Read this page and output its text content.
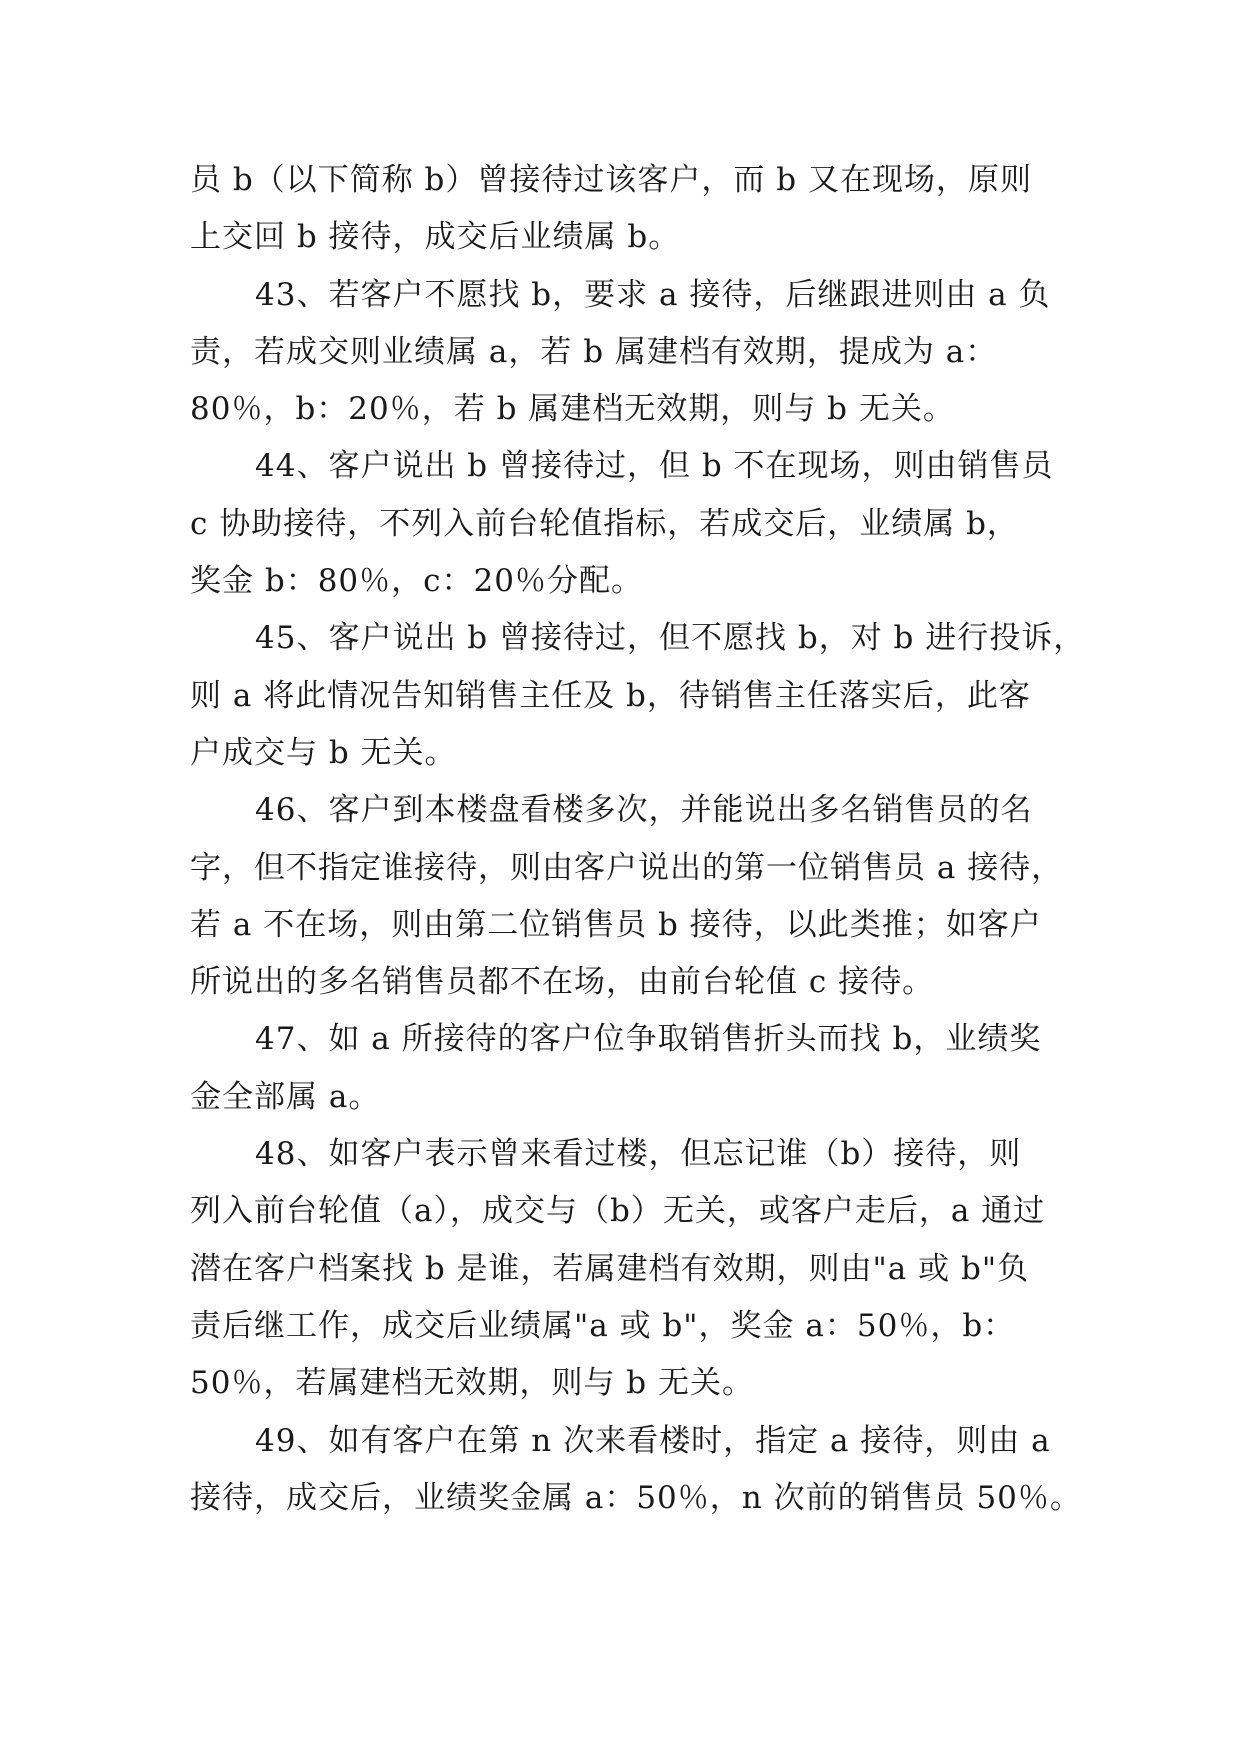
员 b（以下简称 b）曾接待过该客户，而 b 又在现场，原则
上交回 b 接待，成交后业绩属 b。
43、若客户不愿找 b，要求 a 接待，后继跟进则由 a 负
责，若成交则业绩属 a，若 b 属建档有效期，提成为 a：
80％，b：20％，若 b 属建档无效期，则与 b 无关。
44、客户说出 b 曾接待过，但 b 不在现场，则由销售员
c 协助接待，不列入前台轮值指标，若成交后，业绩属 b，
奖金 b：80％，c：20％分配。
45、客户说出 b 曾接待过，但不愿找 b，对 b 进行投诉，
则 a 将此情况告知销售主任及 b，待销售主任落实后，此客
户成交与 b 无关。
46、客户到本楼盘看楼多次，并能说出多名销售员的名
字，但不指定谁接待，则由客户说出的第一位销售员 a 接待，
若 a 不在场，则由第二位销售员 b 接待，以此类推；如客户
所说出的多名销售员都不在场，由前台轮值 c 接待。
47、如 a 所接待的客户位争取销售折头而找 b，业绩奖
金全部属 a。
48、如客户表示曾来看过楼，但忘记谁（b）接待，则
列入前台轮值（a），成交与（b）无关，或客户走后，a 通过
潜在客户档案找 b 是谁，若属建档有效期，则由"a 或 b"负
责后继工作，成交后业绩属"a 或 b"，奖金 a：50％，b：
50％，若属建档无效期，则与 b 无关。
49、如有客户在第 n 次来看楼时，指定 a 接待，则由 a
接待，成交后，业绩奖金属 a：50％，n 次前的销售员 50％。
